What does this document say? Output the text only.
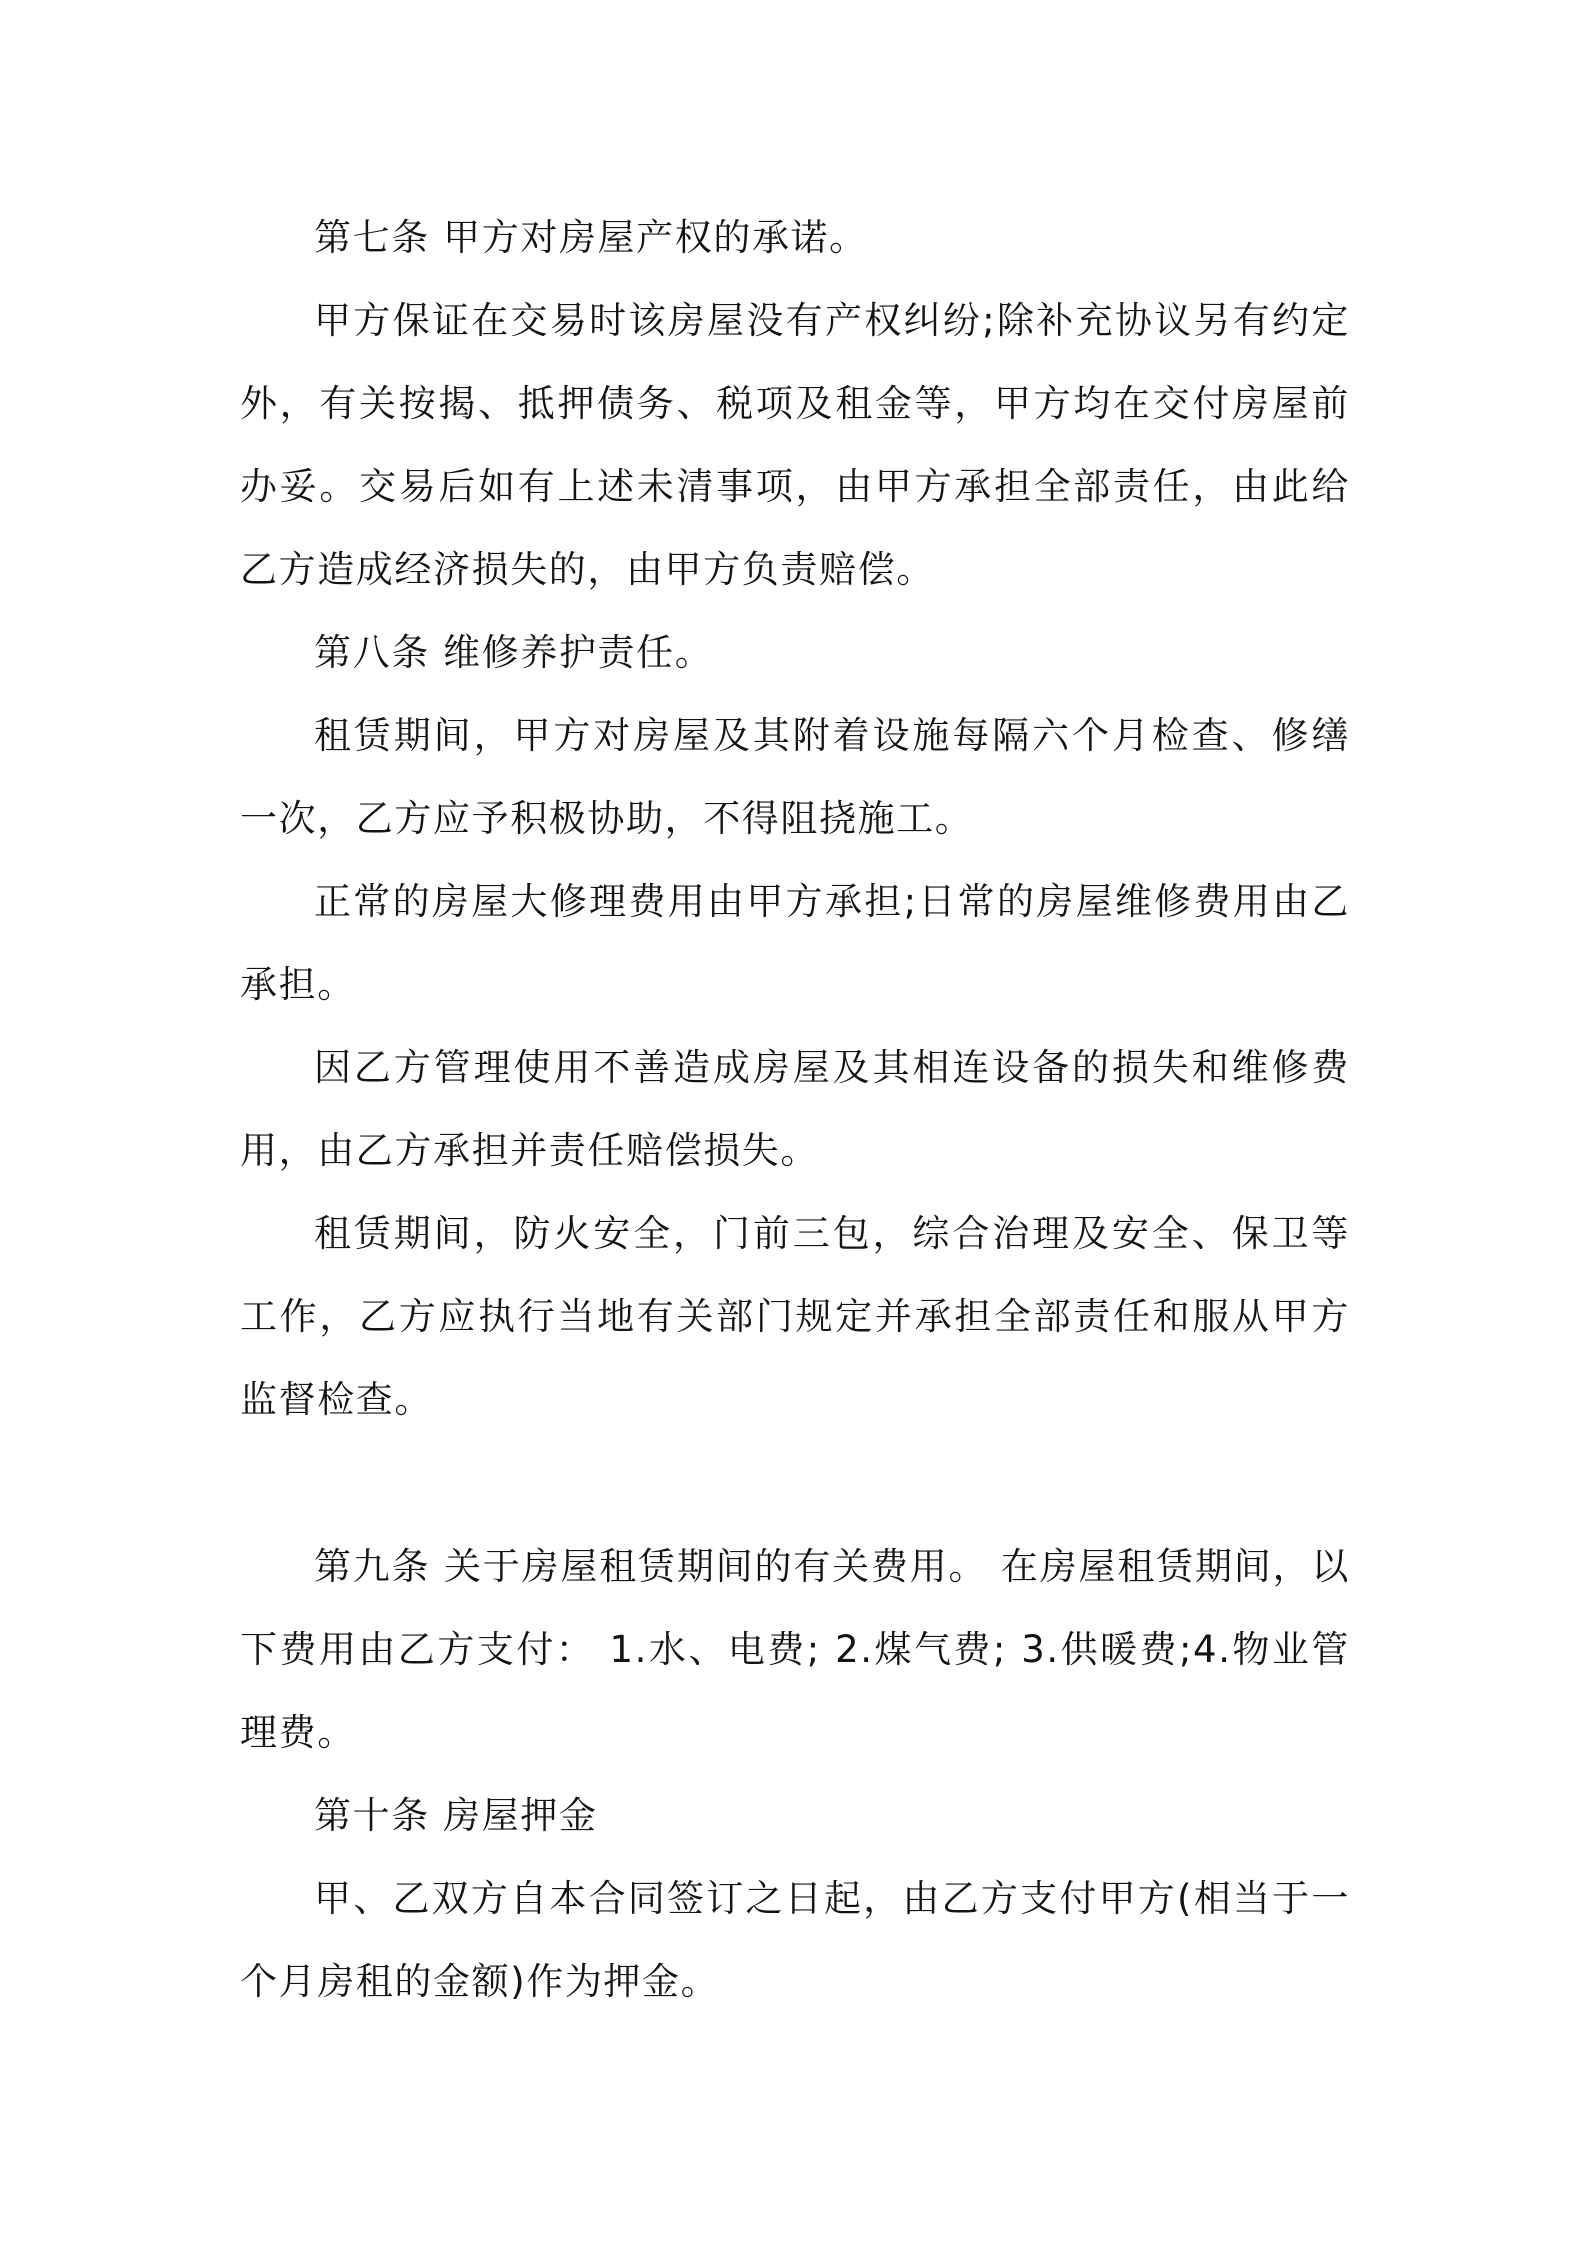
第七条 甲方对房屋产权的承诺。

甲方保证在交易时该房屋没有产权纠纷;除补充协议另有约定外，有关按揭、抵押债务、税项及租金等，甲方均在交付房屋前办妥。交易后如有上述未清事项，由甲方承担全部责任，由此给乙方造成经济损失的，由甲方负责赔偿。

第八条 维修养护责任。

租赁期间，甲方对房屋及其附着设施每隔六个月检查、修缮一次，乙方应予积极协助，不得阻挠施工。

正常的房屋大修理费用由甲方承担;日常的房屋维修费用由乙承担。

因乙方管理使用不善造成房屋及其相连设备的损失和维修费用，由乙方承担并责任赔偿损失。

租赁期间，防火安全，门前三包，综合治理及安全、保卫等工作，乙方应执行当地有关部门规定并承担全部责任和服从甲方监督检查。

第九条 关于房屋租赁期间的有关费用。 在房屋租赁期间，以下费用由乙方支付： 1.水、电费; 2.煤气费; 3.供暖费;4.物业管理费。

第十条 房屋押金

甲、乙双方自本合同签订之日起，由乙方支付甲方(相当于一个月房租的金额)作为押金。
